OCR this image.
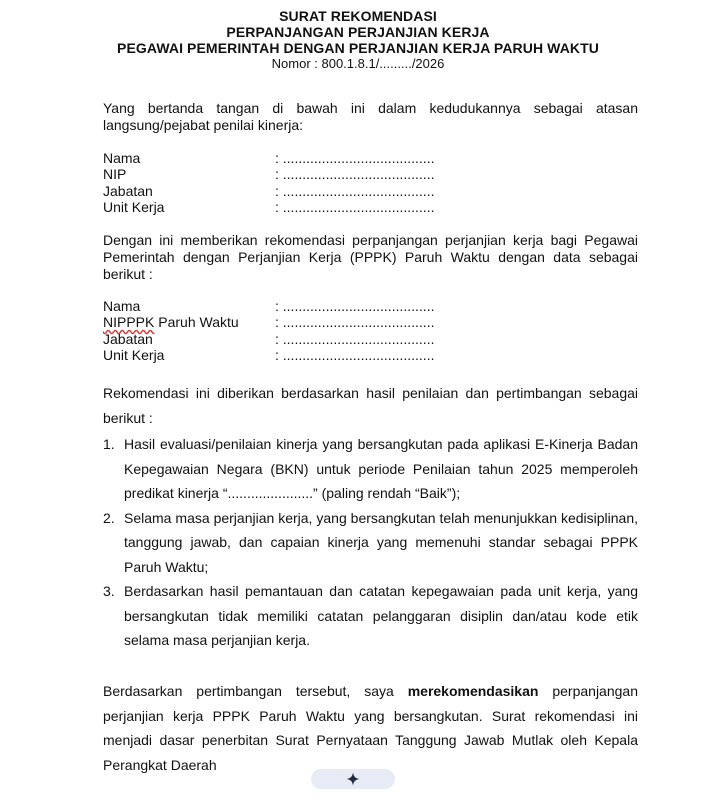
SURAT REKOMENDASI
PERPANJANGAN PERJANJIAN KERJA
PEGAWAI PEMERINTAH DENGAN PERJANJIAN KERJA PARUH WAKTU
Nomor : 800.1.8.1/........./2026

Yang bertanda tangan di bawah ini dalam kedudukannya sebagai atasan langsung/pejabat penilai kinerja:

Nama	: .......................................
NIP	: .......................................
Jabatan	: .......................................
Unit Kerja	: .......................................

Dengan ini memberikan rekomendasi perpanjangan perjanjian kerja bagi Pegawai Pemerintah dengan Perjanjian Kerja (PPPK) Paruh Waktu dengan data sebagai berikut :

Nama	: .......................................
NIPPPK Paruh Waktu	: .......................................
Jabatan	: .......................................
Unit Kerja	: .......................................

Rekomendasi ini diberikan berdasarkan hasil penilaian dan pertimbangan sebagai berikut :

1. Hasil evaluasi/penilaian kinerja yang bersangkutan pada aplikasi E-Kinerja Badan Kepegawaian Negara (BKN) untuk periode Penilaian tahun 2025 memperoleh predikat kinerja “......................” (paling rendah “Baik”);
2. Selama masa perjanjian kerja, yang bersangkutan telah menunjukkan kedisiplinan, tanggung jawab, dan capaian kinerja yang memenuhi standar sebagai PPPK Paruh Waktu;
3. Berdasarkan hasil pemantauan dan catatan kepegawaian pada unit kerja, yang bersangkutan tidak memiliki catatan pelanggaran disiplin dan/atau kode etik selama masa perjanjian kerja.

Berdasarkan pertimbangan tersebut, saya merekomendasikan perpanjangan perjanjian kerja PPPK Paruh Waktu yang bersangkutan. Surat rekomendasi ini menjadi dasar penerbitan Surat Pernyataan Tanggung Jawab Mutlak oleh Kepala Perangkat Daerah
